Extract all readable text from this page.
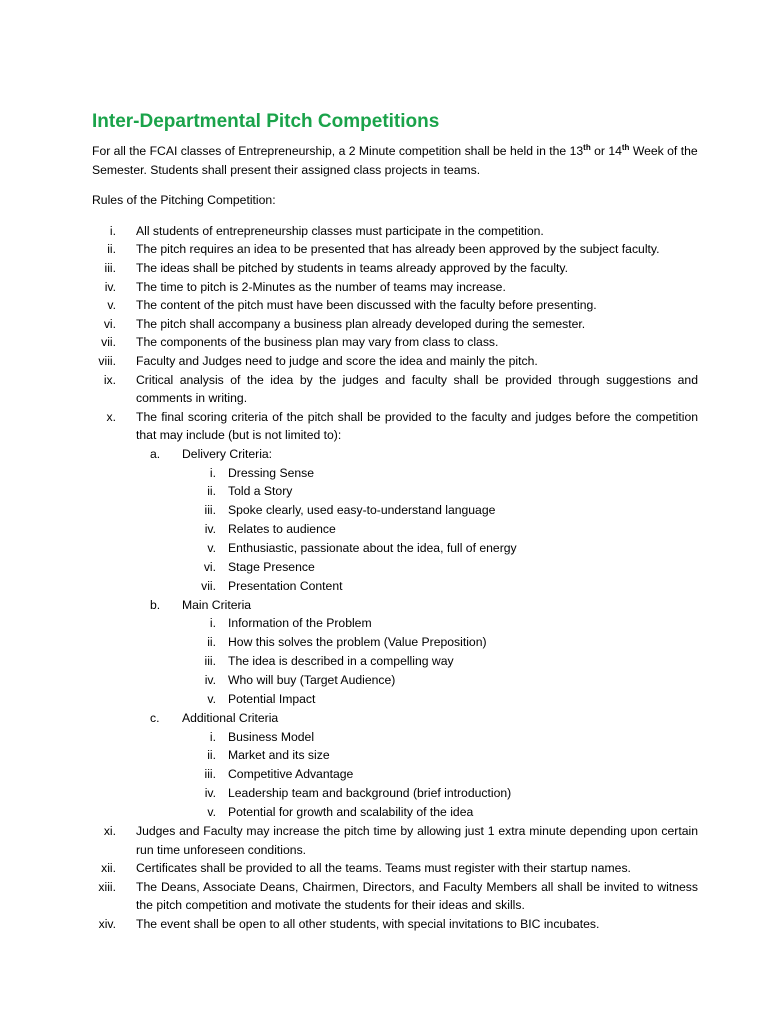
Inter-Departmental Pitch Competitions

For all the FCAI classes of Entrepreneurship, a 2 Minute competition shall be held in the 13th or 14th Week of the Semester. Students shall present their assigned class projects in teams.

Rules of the Pitching Competition:

i. All students of entrepreneurship classes must participate in the competition.
ii. The pitch requires an idea to be presented that has already been approved by the subject faculty.
iii. The ideas shall be pitched by students in teams already approved by the faculty.
iv. The time to pitch is 2-Minutes as the number of teams may increase.
v. The content of the pitch must have been discussed with the faculty before presenting.
vi. The pitch shall accompany a business plan already developed during the semester.
vii. The components of the business plan may vary from class to class.
viii. Faculty and Judges need to judge and score the idea and mainly the pitch.
ix. Critical analysis of the idea by the judges and faculty shall be provided through suggestions and comments in writing.
x. The final scoring criteria of the pitch shall be provided to the faculty and judges before the competition that may include (but is not limited to):
a.	Delivery Criteria:
i. Dressing Sense
ii. Told a Story
iii. Spoke clearly, used easy-to-understand language
iv. Relates to audience
v. Enthusiastic, passionate about the idea, full of energy
vi. Stage Presence
vii. Presentation Content
b.	Main Criteria
i. Information of the Problem
ii. How this solves the problem (Value Preposition)
iii. The idea is described in a compelling way
iv. Who will buy (Target Audience)
v. Potential Impact
c.	Additional Criteria
i. Business Model
ii. Market and its size
iii. Competitive Advantage
iv. Leadership team and background (brief introduction)
v. Potential for growth and scalability of the idea
xi. Judges and Faculty may increase the pitch time by allowing just 1 extra minute depending upon certain run time unforeseen conditions.
xii. Certificates shall be provided to all the teams. Teams must register with their startup names.
xiii. The Deans, Associate Deans, Chairmen, Directors, and Faculty Members all shall be invited to witness the pitch competition and motivate the students for their ideas and skills.
xiv. The event shall be open to all other students, with special invitations to BIC incubates.
